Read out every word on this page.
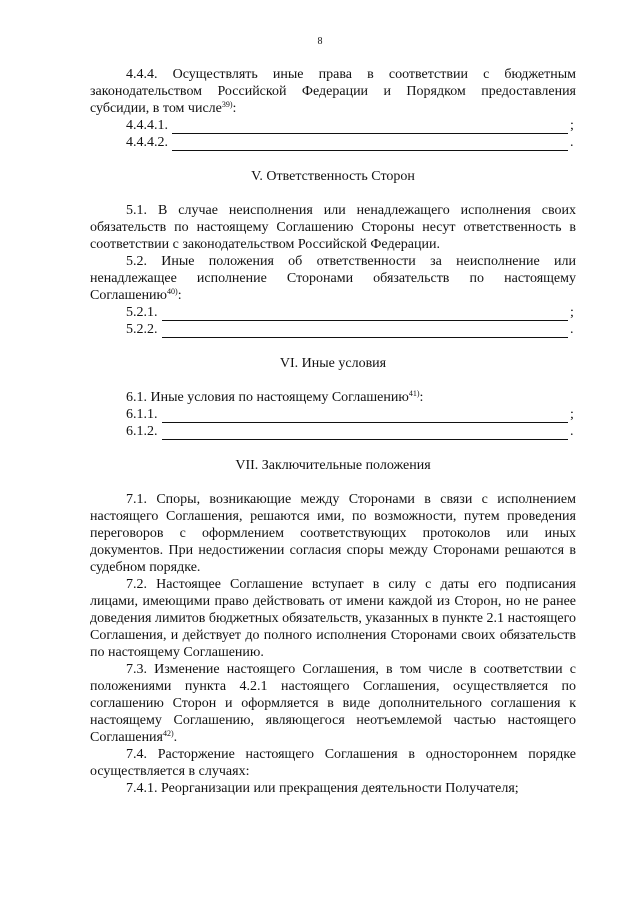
8

4.4.4. Осуществлять иные права в соответствии с бюджетным законодательством Российской Федерации и Порядком предоставления субсидии, в том числе$^{39)}$:

4.4.4.1.	;
4.4.4.2.	.

V. Ответственность Сторон

5.1. В случае неисполнения или ненадлежащего исполнения своих обязательств по настоящему Соглашению Стороны несут ответственность в соответствии с законодательством Российской Федерации.

5.2. Иные положения об ответственности за неисполнение или ненадлежащее исполнение Сторонами обязательств по настоящему Соглашению$^{40)}$:

5.2.1.	;
5.2.2.	.

VI. Иные условия

6.1. Иные условия по настоящему Соглашению$^{41)}$:

6.1.1.	;
6.1.2.	.

VII. Заключительные положения

7.1. Споры, возникающие между Сторонами в связи с исполнением настоящего Соглашения, решаются ими, по возможности, путем проведения переговоров с оформлением соответствующих протоколов или иных документов. При недостижении согласия споры между Сторонами решаются в судебном порядке.

7.2. Настоящее Соглашение вступает в силу с даты его подписания лицами, имеющими право действовать от имени каждой из Сторон, но не ранее доведения лимитов бюджетных обязательств, указанных в пункте 2.1 настоящего Соглашения, и действует до полного исполнения Сторонами своих обязательств по настоящему Соглашению.

7.3. Изменение настоящего Соглашения, в том числе в соответствии с положениями пункта 4.2.1 настоящего Соглашения, осуществляется по соглашению Сторон и оформляется в виде дополнительного соглашения к настоящему Соглашению, являющегося неотъемлемой частью настоящего Соглашения$^{42)}$.

7.4. Расторжение настоящего Соглашения в одностороннем порядке осуществляется в случаях:

7.4.1. Реорганизации или прекращения деятельности Получателя;
